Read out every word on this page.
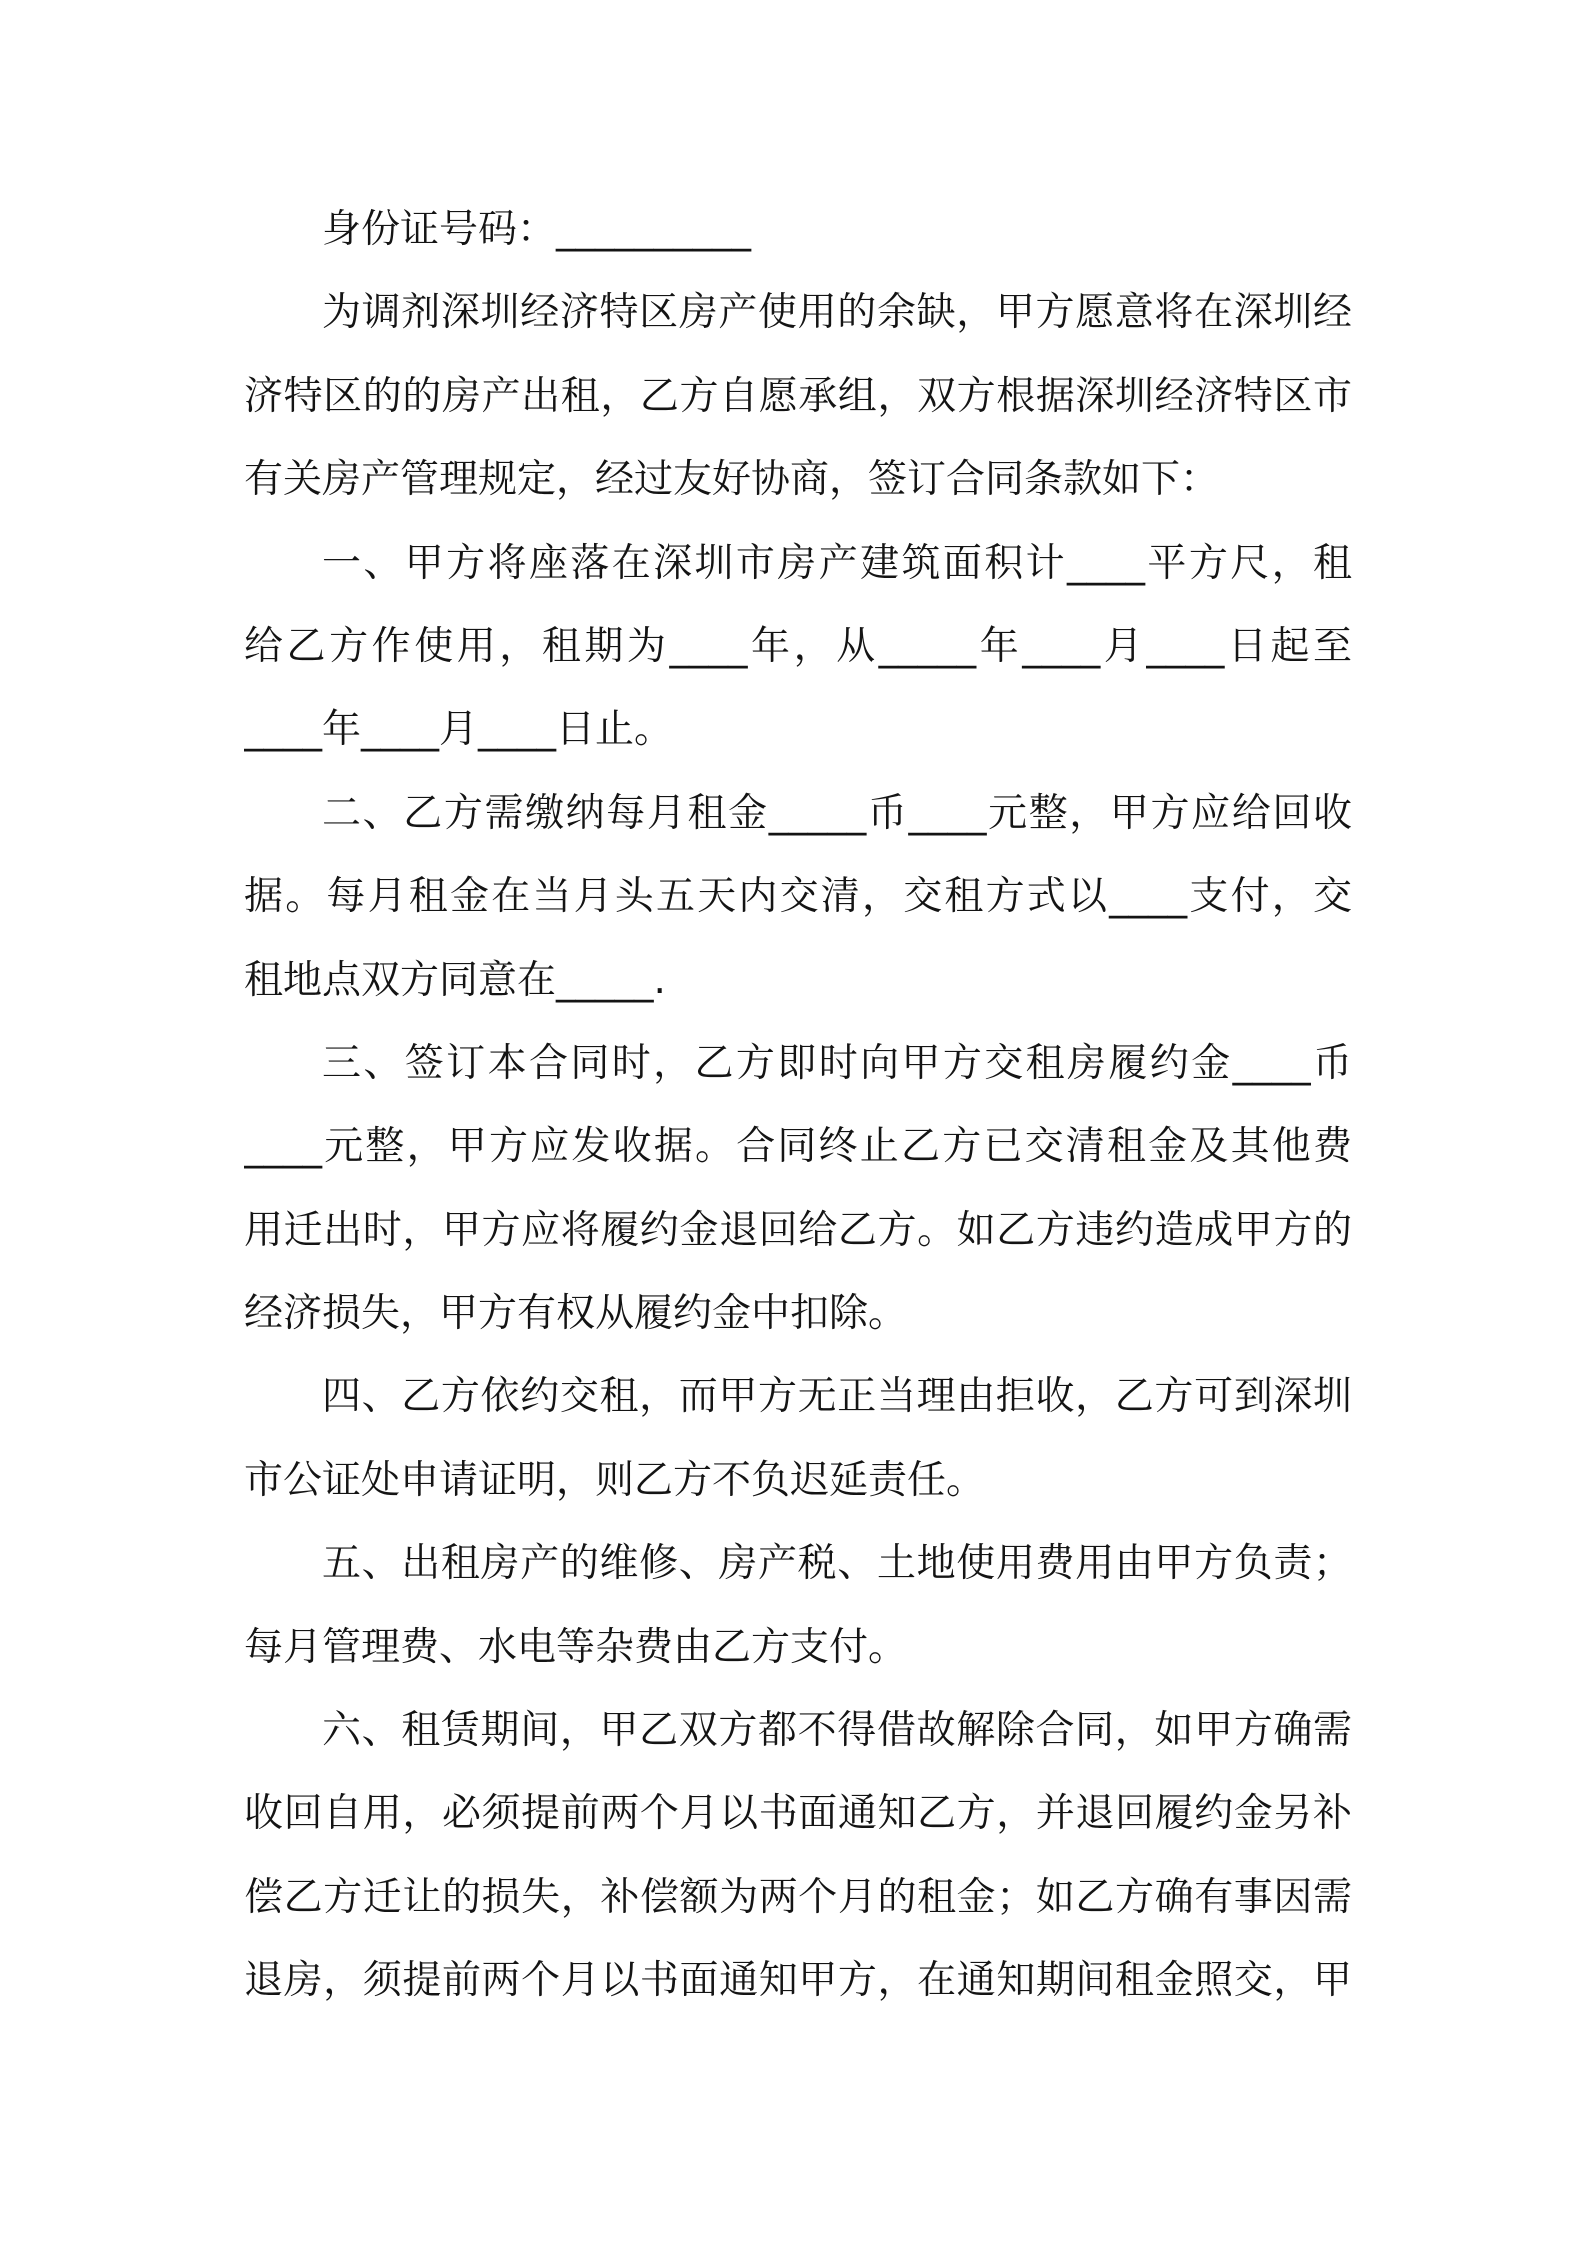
身份证号码：__________
为调剂深圳经济特区房产使用的余缺，甲方愿意将在深圳经
济特区的的房产出租，乙方自愿承组，双方根据深圳经济特区市
有关房产管理规定，经过友好协商，签订合同条款如下：
一、甲方将座落在深圳市房产建筑面积计____平方尺，租
给乙方作使用，租期为____年，从_____年____月____日起至
____年____月____日止。
二、乙方需缴纳每月租金_____币____元整，甲方应给回收
据。每月租金在当月头五天内交清，交租方式以____支付，交
租地点双方同意在_____.
三、签订本合同时，乙方即时向甲方交租房履约金____币
____元整，甲方应发收据。合同终止乙方已交清租金及其他费
用迁出时，甲方应将履约金退回给乙方。如乙方违约造成甲方的
经济损失，甲方有权从履约金中扣除。
四、乙方依约交租，而甲方无正当理由拒收，乙方可到深圳
市公证处申请证明，则乙方不负迟延责任。
五、出租房产的维修、房产税、土地使用费用由甲方负责；
每月管理费、水电等杂费由乙方支付。
六、租赁期间，甲乙双方都不得借故解除合同，如甲方确需
收回自用，必须提前两个月以书面通知乙方，并退回履约金另补
偿乙方迁让的损失，补偿额为两个月的租金；如乙方确有事因需
退房，须提前两个月以书面通知甲方，在通知期间租金照交，甲
